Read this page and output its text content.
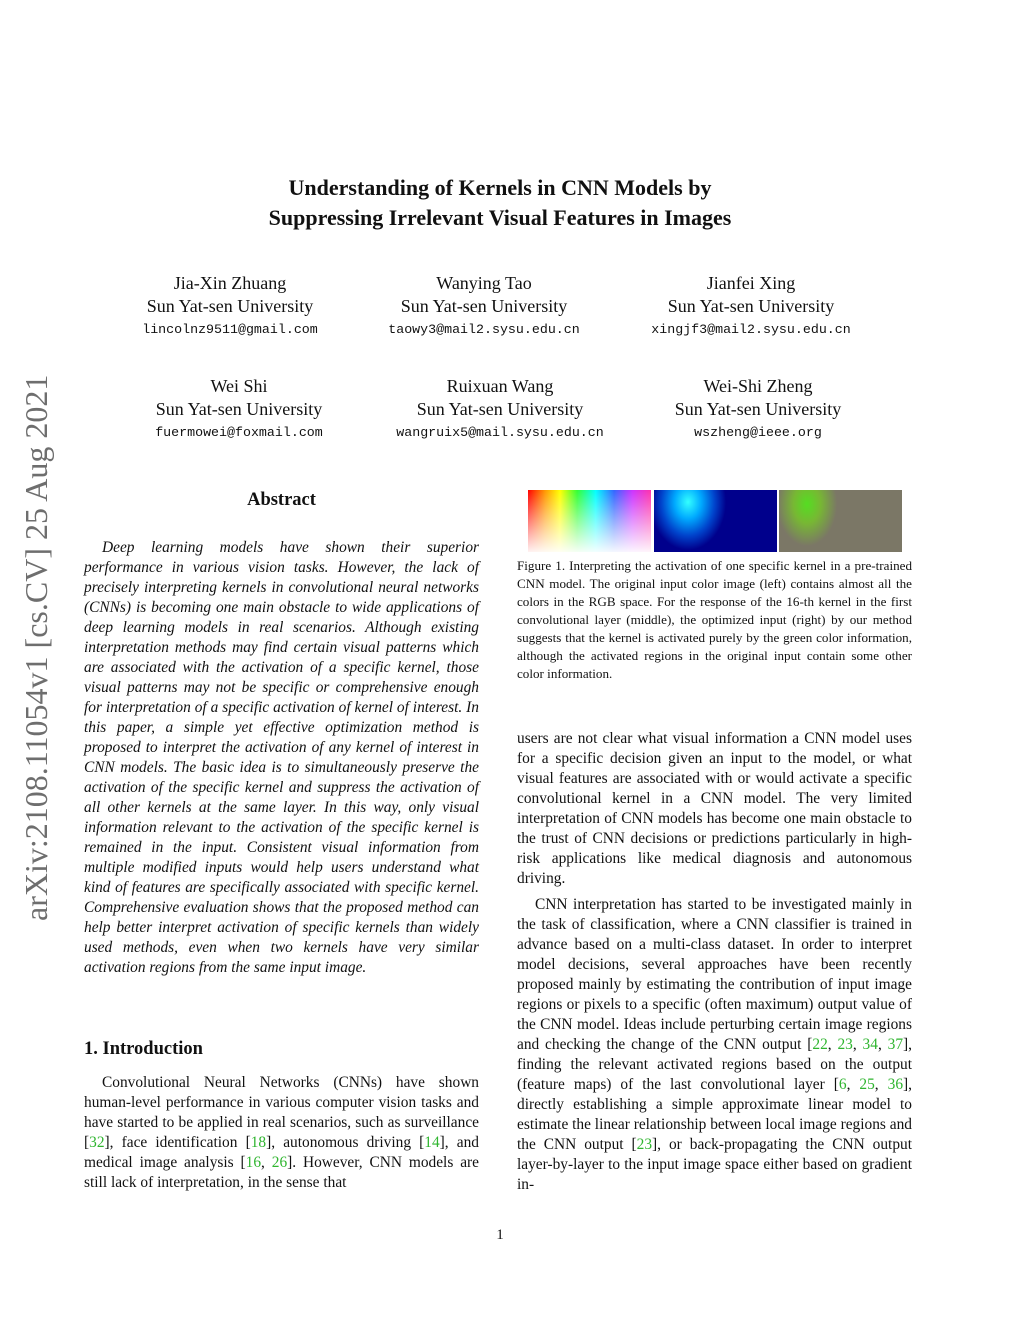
Understanding of Kernels in CNN Models by
Suppressing Irrelevant Visual Features in Images
Jia-Xin Zhuang
Sun Yat-sen University
lincolnz9511@gmail.com
Wanying Tao
Sun Yat-sen University
taowy3@mail2.sysu.edu.cn
Jianfei Xing
Sun Yat-sen University
xingjf3@mail2.sysu.edu.cn
Wei Shi
Sun Yat-sen University
fuermowei@foxmail.com
Ruixuan Wang
Sun Yat-sen University
wangruix5@mail.sysu.edu.cn
Wei-Shi Zheng
Sun Yat-sen University
wszheng@ieee.org
arXiv:2108.11054v1 [cs.CV] 25 Aug 2021	Abstract
Deep learning models have shown their superior performance in various vision tasks. However, the lack of precisely interpreting kernels in convolutional neural networks (CNNs) is becoming one main obstacle to wide applications of deep learning models in real scenarios. Although existing interpretation methods may find certain visual patterns which are associated with the activation of a specific kernel, those visual patterns may not be specific or comprehensive enough for interpretation of a specific activation of kernel of interest. In this paper, a simple yet effective optimization method is proposed to interpret the activation of any kernel of interest in CNN models. The basic idea is to simultaneously preserve the activation of the specific kernel and suppress the activation of all other kernels at the same layer. In this way, only visual information relevant to the activation of the specific kernel is remained in the input. Consistent visual information from multiple modified inputs would help users understand what kind of features are specifically associated with specific kernel. Comprehensive evaluation shows that the proposed method can help better interpret activation of specific kernels than widely used methods, even when two kernels have very similar activation regions from the same input image.
1. Introduction
Convolutional Neural Networks (CNNs) have shown human-level performance in various computer vision tasks and have started to be applied in real scenarios, such as surveillance [32], face identification [18], autonomous driving [14], and medical image analysis [16, 26]. However, CNN models are still lack of interpretation, in the sense that
Figure 1. Interpreting the activation of one specific kernel in a pre-trained CNN model. The original input color image (left) contains almost all the colors in the RGB space. For the response of the 16-th kernel in the first convolutional layer (middle), the optimized input (right) by our method suggests that the kernel is activated purely by the green color information, although the activated regions in the original input contain some other color information.

users are not clear what visual information a CNN model uses for a specific decision given an input to the model, or what visual features are associated with or would activate a specific convolutional kernel in a CNN model. The very limited interpretation of CNN models has become one main obstacle to the trust of CNN decisions or predictions particularly in high-risk applications like medical diagnosis and autonomous driving.

CNN interpretation has started to be investigated mainly in the task of classification, where a CNN classifier is trained in advance based on a multi-class dataset. In order to interpret model decisions, several approaches have been recently proposed mainly by estimating the contribution of input image regions or pixels to a specific (often maximum) output value of the CNN model. Ideas include perturbing certain image regions and checking the change of the CNN output [22, 23, 34, 37], finding the relevant activated regions based on the output (feature maps) of the last convolutional layer [6, 25, 36], directly establishing a simple approximate linear model to estimate the linear relationship between local image regions and the CNN output [23], or back-propagating the CNN output layer-by-layer to the input image space either based on gradient in-

1
